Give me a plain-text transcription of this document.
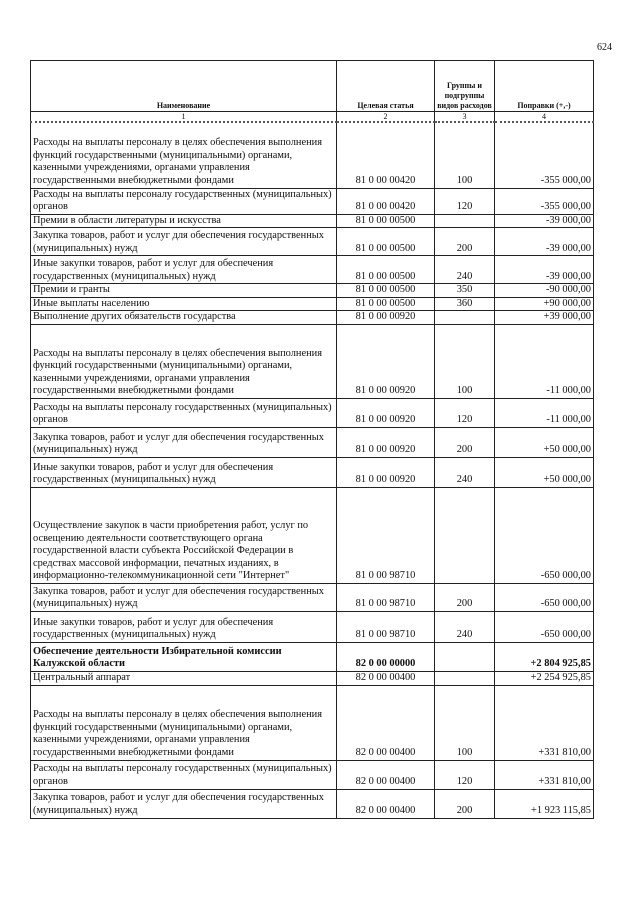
624
Наименование	Целевая статья	Группы и подгруппы видов расходов	Поправки (+,-)
1	2	3	4
Расходы на выплаты персоналу в целях обеспечения выполнения функций государственными (муниципальными) органами, казенными учреждениями, органами управления государственными внебюджетными фондами	81 0 00 00420	100	-355 000,00
Расходы на выплаты персоналу государственных (муниципальных) органов	81 0 00 00420	120	-355 000,00
Премии в области литературы и искусства	81 0 00 00500		-39 000,00
Закупка товаров, работ и услуг для обеспечения государственных (муниципальных) нужд	81 0 00 00500	200	-39 000,00
Иные закупки товаров, работ и услуг для обеспечения государственных (муниципальных) нужд	81 0 00 00500	240	-39 000,00
Премии и гранты	81 0 00 00500	350	-90 000,00
Иные выплаты населению	81 0 00 00500	360	+90 000,00
Выполнение других обязательств государства	81 0 00 00920		+39 000,00
Расходы на выплаты персоналу в целях обеспечения выполнения функций государственными (муниципальными) органами, казенными учреждениями, органами управления государственными внебюджетными фондами	81 0 00 00920	100	-11 000,00
Расходы на выплаты персоналу государственных (муниципальных) органов	81 0 00 00920	120	-11 000,00
Закупка товаров, работ и услуг для обеспечения государственных (муниципальных) нужд	81 0 00 00920	200	+50 000,00
Иные закупки товаров, работ и услуг для обеспечения государственных (муниципальных) нужд	81 0 00 00920	240	+50 000,00
Осуществление закупок в части приобретения работ, услуг по освещению деятельности соответствующего органа государственной власти субъекта Российской Федерации в средствах массовой информации, печатных изданиях, в информационно-телекоммуникационной сети "Интернет"	81 0 00 98710		-650 000,00
Закупка товаров, работ и услуг для обеспечения государственных (муниципальных) нужд	81 0 00 98710	200	-650 000,00
Иные закупки товаров, работ и услуг для обеспечения государственных (муниципальных) нужд	81 0 00 98710	240	-650 000,00
Обеспечение деятельности Избирательной комиссии Калужской области	82 0 00 00000		+2 804 925,85
Центральный аппарат	82 0 00 00400		+2 254 925,85
Расходы на выплаты персоналу в целях обеспечения выполнения функций государственными (муниципальными) органами, казенными учреждениями, органами управления государственными внебюджетными фондами	82 0 00 00400	100	+331 810,00
Расходы на выплаты персоналу государственных (муниципальных) органов	82 0 00 00400	120	+331 810,00
Закупка товаров, работ и услуг для обеспечения государственных (муниципальных) нужд	82 0 00 00400	200	+1 923 115,85
